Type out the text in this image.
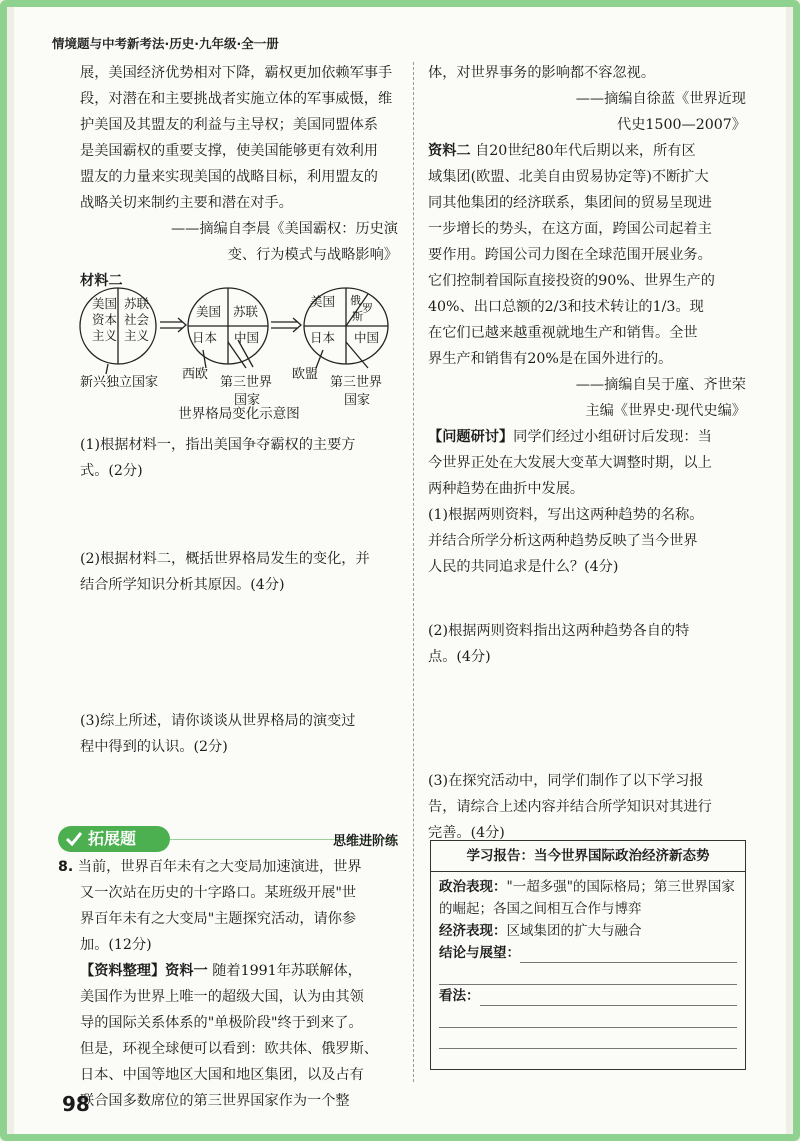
情境题与中考新考法·历史·九年级·全一册

展，美国经济优势相对下降，霸权更加依赖军事手

段，对潜在和主要挑战者实施立体的军事威慑，维

护美国及其盟友的利益与主导权；美国同盟体系

是美国霸权的重要支撑，使美国能够更有效利用

盟友的力量来实现美国的战略目标，利用盟友的

战略关切来制约主要和潜在对手。

——摘编自李晨《美国霸权：历史演

变、行为模式与战略影响》

材料二

美国
资本
主义
苏联
社会
主义
美国 苏联
日本 中国
美国 俄
罗
斯
日本 中国
新兴独立国家
西欧
第三世界
国家
欧盟
第三世界
国家
世界格局变化示意图

(1)根据材料一，指出美国争夺霸权的主要方

式。(2分)

(2)根据材料二，概括世界格局发生的变化，并

结合所学知识分析其原因。(4分)

(3)综上所述，请你谈谈从世界格局的演变过

程中得到的认识。(2分)

拓展题	思维进阶练

8. 当前，世界百年未有之大变局加速演进，世界

又一次站在历史的十字路口。某班级开展"世

界百年未有之大变局"主题探究活动，请你参

加。(12分)

【资料整理】资料一 随着1991年苏联解体，

美国作为世界上唯一的超级大国，认为由其领

导的国际关系体系的"单极阶段"终于到来了。

但是，环视全球便可以看到：欧共体、俄罗斯、

日本、中国等地区大国和地区集团，以及占有

联合国多数席位的第三世界国家作为一个整

体，对世界事务的影响都不容忽视。

——摘编自徐蓝《世界近现

代史1500—2007》

资料二 自20世纪80年代后期以来，所有区

域集团(欧盟、北美自由贸易协定等)不断扩大

同其他集团的经济联系，集团间的贸易呈现进

一步增长的势头，在这方面，跨国公司起着主

要作用。跨国公司力图在全球范围开展业务。

它们控制着国际直接投资的90%、世界生产的

40%、出口总额的2/3和技术转让的1/3。现

在它们已越来越重视就地生产和销售。全世

界生产和销售有20%是在国外进行的。

——摘编自吴于廑、齐世荣

主编《世界史·现代史编》

【问题研讨】同学们经过小组研讨后发现：当

今世界正处在大发展大变革大调整时期，以上

两种趋势在曲折中发展。

(1)根据两则资料，写出这两种趋势的名称。

并结合所学分析这两种趋势反映了当今世界

人民的共同追求是什么？(4分)

(2)根据两则资料指出这两种趋势各自的特

点。(4分)

(3)在探究活动中，同学们制作了以下学习报

告，请综合上述内容并结合所学知识对其进行

完善。(4分)

学习报告：当今世界国际政治经济新态势
政治表现："一超多强"的国际格局；第三世界国家的崛起；各国之间相互合作与博弈
经济表现：区域集团的扩大与融合
结论与展望：
看法：
98
